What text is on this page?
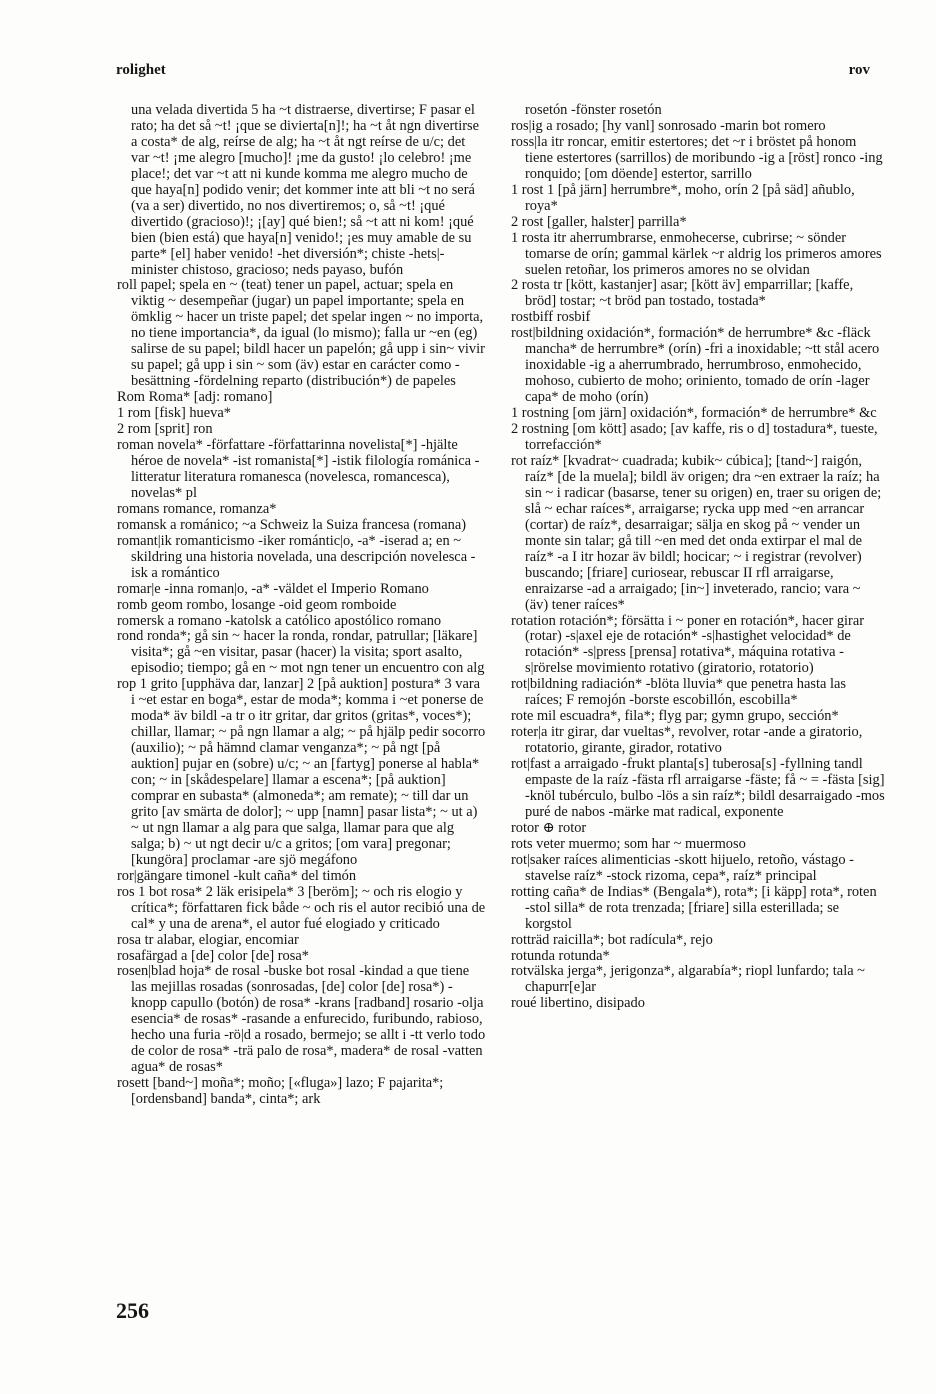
rolighet	rov
una velada divertida 5 ha ~t distraerse, divertirse; F pasar el rato; ha det så ~t! ¡que se divierta[n]!; ha ~t åt ngn divertirse a costa* de alg, reírse de alg; ha ~t åt ngt reírse de u/c; det var ~t! ¡me alegro [mucho]! ¡me da gusto! ¡lo celebro! ¡me place!; det var ~t att ni kunde komma me alegro mucho de que haya[n] podido venir; det kommer inte att bli ~t no será (va a ser) divertido, no nos divertiremos; o, så ~t! ¡qué divertido (gracioso)!; ¡[ay] qué bien!; så ~t att ni kom! ¡qué bien (bien está) que haya[n] venido!; ¡es muy amable de su parte* [el] haber venido! -het diversión*; chiste -hets|-minister chistoso, gracioso; neds payaso, bufón
roll papel; spela en ~ (teat) tener un papel, actuar; spela en viktig ~ desempeñar (jugar) un papel importante; spela en ömklig ~ hacer un triste papel; det spelar ingen ~ no importa, no tiene importancia*, da igual (lo mismo); falla ur ~en (eg) salirse de su papel; bildl hacer un papelón; gå upp i sin~ vivir su papel; gå upp i sin ~ som (äv) estar en carácter como -besättning -fördelning reparto (distribución*) de papeles
Rom Roma* [adj: romano]
1 rom [fisk] hueva*
2 rom [sprit] ron
roman novela* -författare -författarinna novelista[*] -hjälte héroe de novela* -ist romanista[*] -istik filología románica -litteratur literatura romanesca (novelesca, romancesca), novelas* pl
romans romance, romanza*
romansk a románico; ~a Schweiz la Suiza francesa (romana)
romant|ik romanticismo -iker romántic|o, -a* -iserad a; en ~ skildring una historia novelada, una descripción novelesca -isk a romántico
romar|e -inna roman|o, -a* -väldet el Imperio Romano
romb geom rombo, losange -oid geom romboide
romersk a romano -katolsk a católico apostólico romano
rond ronda*; gå sin ~ hacer la ronda, rondar, patrullar; [läkare] visita*; gå ~en visitar, pasar (hacer) la visita; sport asalto, episodio; tiempo; gå en ~ mot ngn tener un encuentro con alg
rop 1 grito [upphäva dar, lanzar] 2 [på auktion] postura* 3 vara i ~et estar en boga*, estar de moda*; komma i ~et ponerse de moda* äv bildl -a tr o itr gritar, dar gritos (gritas*, voces*); chillar, llamar; ~ på ngn llamar a alg; ~ på hjälp pedir socorro (auxilio); ~ på hämnd clamar venganza*; ~ på ngt [på auktion] pujar en (sobre) u/c; ~ an [fartyg] ponerse al habla* con; ~ in [skådespelare] llamar a escena*; [på auktion] comprar en subasta* (almoneda*; am remate); ~ till dar un grito [av smärta de dolor]; ~ upp [namn] pasar lista*; ~ ut a) ~ ut ngn llamar a alg para que salga, llamar para que alg salga; b) ~ ut ngt decir u/c a gritos; [om vara] pregonar; [kungöra] proclamar -are sjö megáfono
ror|gängare timonel -kult caña* del timón
ros 1 bot rosa* 2 läk erisipela* 3 [beröm]; ~ och ris elogio y crítica*; författaren fick både ~ och ris el autor recibió una de cal* y una de arena*, el autor fué elogiado y criticado
rosa tr alabar, elogiar, encomiar
rosafärgad a [de] color [de] rosa*
rosen|blad hoja* de rosal -buske bot rosal -kindad a que tiene las mejillas rosadas (sonrosadas, [de] color [de] rosa*) -knopp capullo (botón) de rosa* -krans [radband] rosario -olja esencia* de rosas* -rasande a enfurecido, furibundo, rabioso, hecho una furia -rö|d a rosado, bermejo; se allt i -tt verlo todo de color de rosa* -trä palo de rosa*, madera* de rosal -vatten agua* de rosas*
rosett [band~] moña*; moño; [«fluga»] lazo; F pajarita*; [ordensband] banda*, cinta*; ark
rosetón -fönster rosetón
ros|ig a rosado; [hy vanl] sonrosado -marin bot romero
ross|la itr roncar, emitir estertores; det ~r i bröstet på honom tiene estertores (sarrillos) de moribundo -ig a [röst] ronco -ing ronquido; [om döende] estertor, sarrillo
1 rost 1 [på järn] herrumbre*, moho, orín 2 [på säd] añublo, roya*
2 rost [galler, halster] parrilla*
1 rosta itr aherrumbrarse, enmohecerse, cubrirse; ~ sönder tomarse de orín; gammal kärlek ~r aldrig los primeros amores suelen retoñar, los primeros amores no se olvidan
2 rosta tr [kött, kastanjer] asar; [kött äv] emparrillar; [kaffe, bröd] tostar; ~t bröd pan tostado, tostada*
rostbiff rosbif
rost|bildning oxidación*, formación* de herrumbre* &c -fläck mancha* de herrumbre* (orín) -fri a inoxidable; ~tt stål acero inoxidable -ig a aherrumbrado, herrumbroso, enmohecido, mohoso, cubierto de moho; oriniento, tomado de orín -lager capa* de moho (orín)
1 rostning [om järn] oxidación*, formación* de herrumbre* &c
2 rostning [om kött] asado; [av kaffe, ris o d] tostadura*, tueste, torrefacción*
rot raíz* [kvadrat~ cuadrada; kubik~ cúbica]; [tand~] raigón, raíz* [de la muela]; bildl äv origen; dra ~en extraer la raíz; ha sin ~ i radicar (basarse, tener su origen) en, traer su origen de; slå ~ echar raíces*, arraigarse; rycka upp med ~en arrancar (cortar) de raíz*, desarraigar; sälja en skog på ~ vender un monte sin talar; gå till ~en med det onda extirpar el mal de raíz* -a I itr hozar äv bildl; hocicar; ~ i registrar (revolver) buscando; [friare] curiosear, rebuscar II rfl arraigarse, enraizarse -ad a arraigado; [in~] inveterado, rancio; vara ~ (äv) tener raíces*
rotation rotación*; försätta i ~ poner en rotación*, hacer girar (rotar) -s|axel eje de rotación* -s|hastighet velocidad* de rotación* -s|press [prensa] rotativa*, máquina rotativa -s|rörelse movimiento rotativo (giratorio, rotatorio)
rot|bildning radiación* -blöta lluvia* que penetra hasta las raíces; F remojón -borste escobillón, escobilla*
rote mil escuadra*, fila*; flyg par; gymn grupo, sección*
roter|a itr girar, dar vueltas*, revolver, rotar -ande a giratorio, rotatorio, girante, girador, rotativo
rot|fast a arraigado -frukt planta[s] tuberosa[s] -fyllning tandl empaste de la raíz -fästa rfl arraigarse -fäste; få ~ = -fästa [sig] -knöl tubérculo, bulbo -lös a sin raíz*; bildl desarraigado -mos puré de nabos -märke mat radical, exponente
rotor ⊕ rotor
rots veter muermo; som har ~ muermoso
rot|saker raíces alimenticias -skott hijuelo, retoño, vástago -stavelse raíz* -stock rizoma, cepa*, raíz* principal
rotting caña* de Indias* (Bengala*), rota*; [i käpp] rota*, roten -stol silla* de rota trenzada; [friare] silla esterillada; se korgstol
rotträd raicilla*; bot radícula*, rejo
rotunda rotunda*
rotvälska jerga*, jerigonza*, algarabía*; riopl lunfardo; tala ~ chapurr[e]ar
roué libertino, disipado
256
